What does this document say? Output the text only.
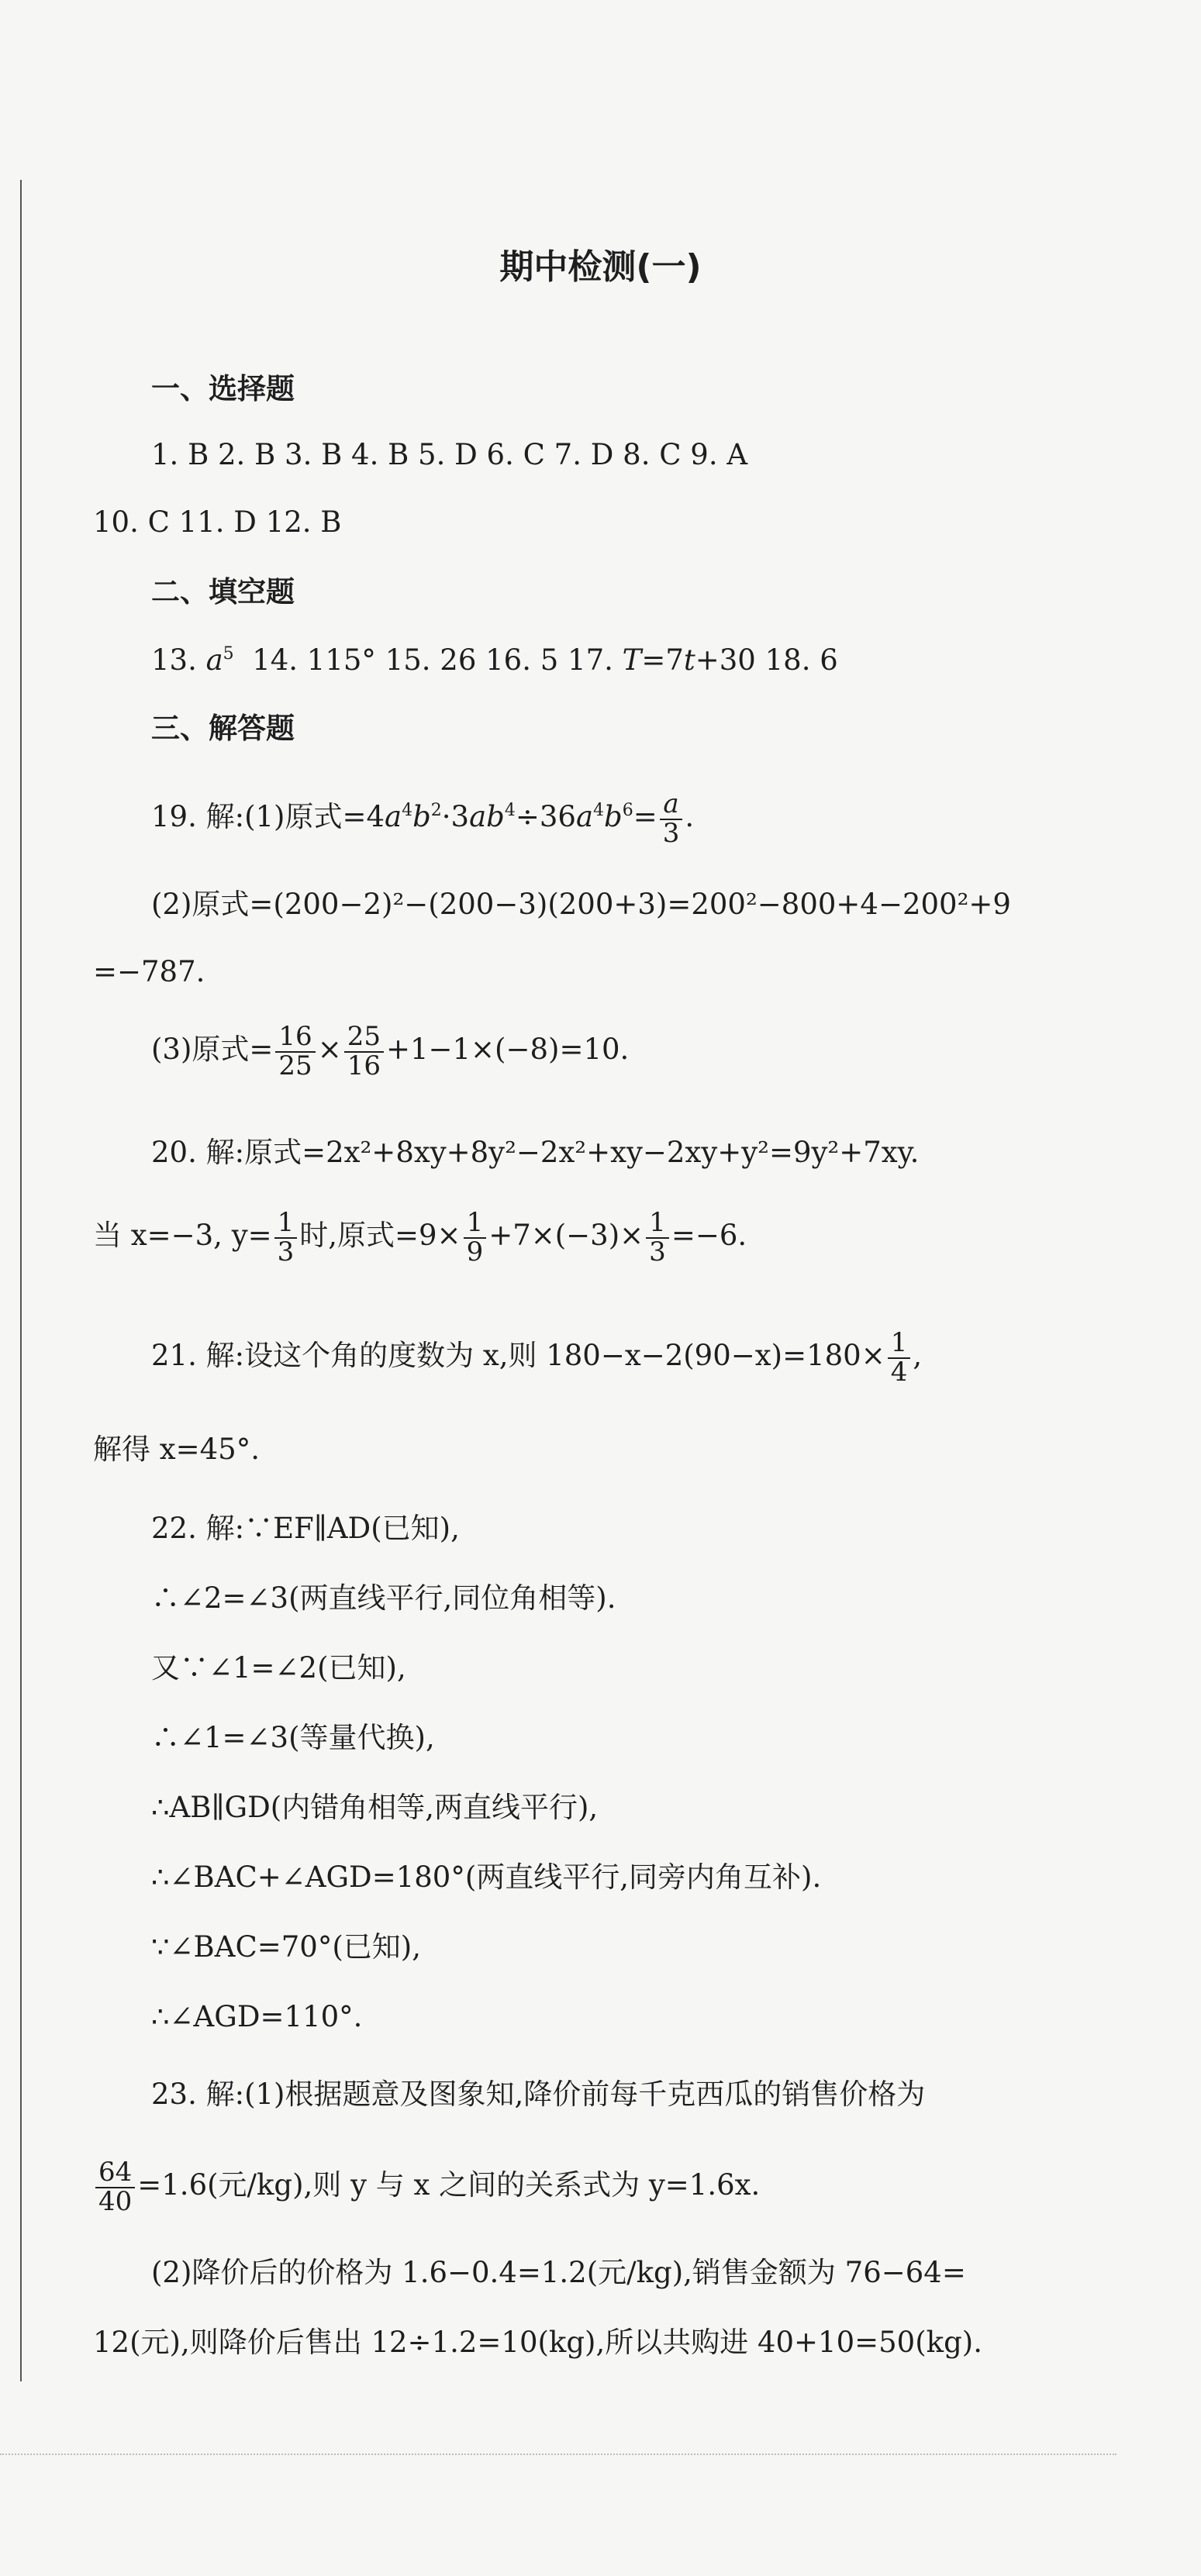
期中检测(一)
一、选择题
1. B 2. B 3. B 4. B 5. D 6. C 7. D 8. C 9. A
10. C 11. D 12. B
二、填空题
13. $a^5$ 14. 115° 15. 26 16. 5 17. T=7t+30 18. 6
三、解答题
19. 解:(1)原式$=4a^4b^2\cdot 3ab^4\div 36a^4b^6= \frac{a}{3}$ .
(2)原式=(200−2)²−(200−3)(200+3)=200²−800+4−200²+9
=−787.
(3)原式= $\frac{16}{25} \times \frac{25}{16} +1-1\times(-8)=10$.
20. 解:原式=2x²+8xy+8y²−2x²+xy−2xy+y²=9y²+7xy.
当 x=−3, $y= \frac{1}{3}$ 时,原式$=9\times \frac{1}{9} +7\times(-3)\times \frac{1}{3} =-6$.
21. 解:设这个角的度数为 x,则 $180-x-2(90-x)=180\times \frac{1}{4}$ ,
解得 x=45°.
22. 解:∵EF∥AD(已知),
∴∠2=∠3(两直线平行,同位角相等).
又∵∠1=∠2(已知),
∴∠1=∠3(等量代换),
∴AB∥GD(内错角相等,两直线平行),
∴∠BAC+∠AGD=180°(两直线平行,同旁内角互补).
∵∠BAC=70°(已知),
∴∠AGD=110°.
23. 解:(1)根据题意及图象知,降价前每千克西瓜的销售价格为
$\frac{64}{40} =1.6$(元/kg),则 y 与 x 之间的关系式为 y=1.6x.
(2)降价后的价格为 1.6−0.4=1.2(元/kg),销售金额为 76−64=
12(元),则降价后售出 12÷1.2=10(kg),所以共购进 40+10=50(kg).
